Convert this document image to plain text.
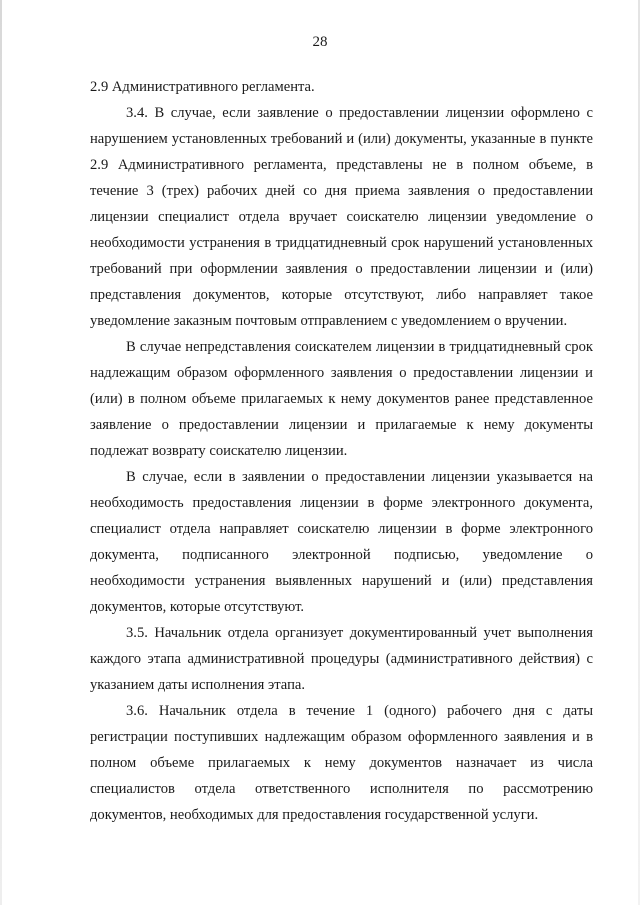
28

2.9 Административного регламента.

3.4. В случае, если заявление о предоставлении лицензии оформлено с нарушением установленных требований и (или) документы, указанные в пункте 2.9 Административного регламента, представлены не в полном объеме, в течение 3 (трех) рабочих дней со дня приема заявления о предоставлении лицензии специалист отдела вручает соискателю лицензии уведомление о необходимости устранения в тридцатидневный срок нарушений установленных требований при оформлении заявления о предоставлении лицензии и (или) представления документов, которые отсутствуют, либо направляет такое уведомление заказным почтовым отправлением с уведомлением о вручении.

В случае непредставления соискателем лицензии в тридцатидневный срок надлежащим образом оформленного заявления о предоставлении лицензии и (или) в полном объеме прилагаемых к нему документов ранее представленное заявление о предоставлении лицензии и прилагаемые к нему документы подлежат возврату соискателю лицензии.

В случае, если в заявлении о предоставлении лицензии указывается на необходимость предоставления лицензии в форме электронного документа, специалист отдела направляет соискателю лицензии в форме электронного документа, подписанного электронной подписью, уведомление о необходимости устранения выявленных нарушений и (или) представления документов, которые отсутствуют.

3.5. Начальник отдела организует документированный учет выполнения каждого этапа административной процедуры (административного действия) с указанием даты исполнения этапа.

3.6. Начальник отдела в течение 1 (одного) рабочего дня с даты регистрации поступивших надлежащим образом оформленного заявления и в полном объеме прилагаемых к нему документов назначает из числа специалистов отдела ответственного исполнителя по рассмотрению документов, необходимых для предоставления государственной услуги.
